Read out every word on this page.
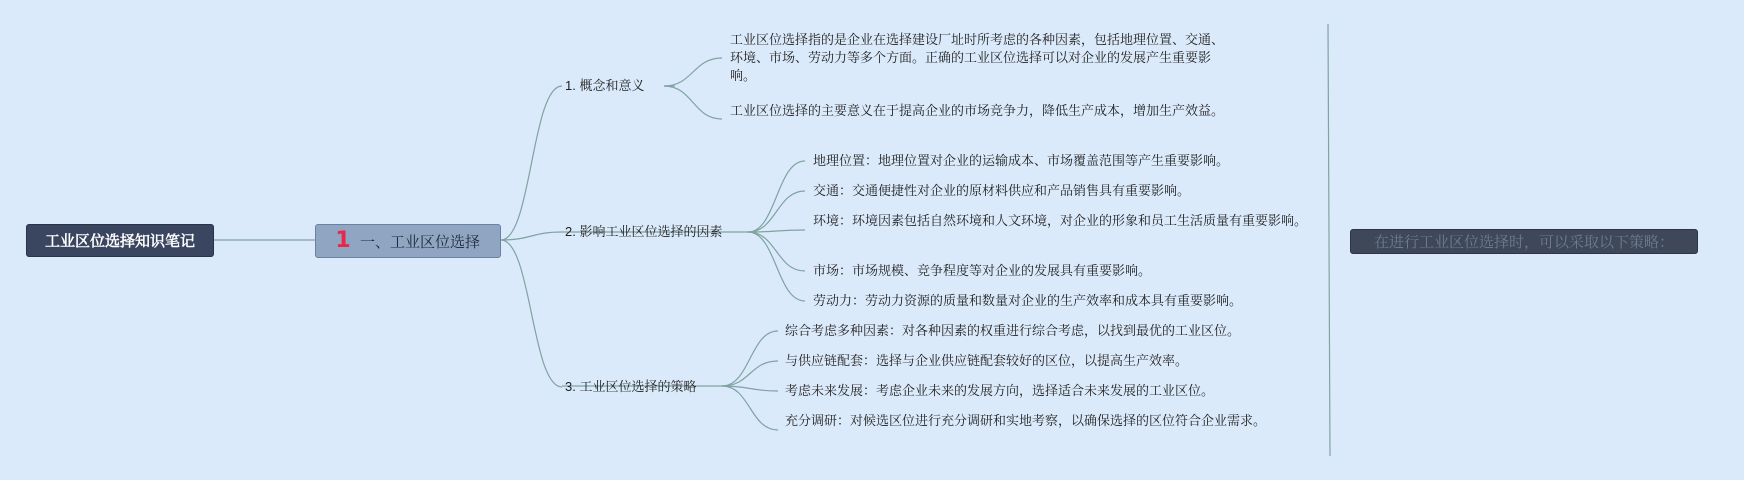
工业区位选择知识笔记	1 一、工业区位选择
1. 概念和意义
工业区位选择指的是企业在选择建设厂址时所考虑的各种因素，包括地理位置、交通、环境、市场、劳动力等多个方面。正确的工业区位选择可以对企业的发展产生重要影响。
工业区位选择的主要意义在于提高企业的市场竞争力，降低生产成本，增加生产效益。
2. 影响工业区位选择的因素
地理位置：地理位置对企业的运输成本、市场覆盖范围等产生重要影响。
交通：交通便捷性对企业的原材料供应和产品销售具有重要影响。
环境：环境因素包括自然环境和人文环境，对企业的形象和员工生活质量有重要影响。
市场：市场规模、竞争程度等对企业的发展具有重要影响。
劳动力：劳动力资源的质量和数量对企业的生产效率和成本具有重要影响。
3. 工业区位选择的策略
综合考虑多种因素：对各种因素的权重进行综合考虑，以找到最优的工业区位。
与供应链配套：选择与企业供应链配套较好的区位，以提高生产效率。
考虑未来发展：考虑企业未来的发展方向，选择适合未来发展的工业区位。
充分调研：对候选区位进行充分调研和实地考察，以确保选择的区位符合企业需求。
在进行工业区位选择时，可以采取以下策略：
